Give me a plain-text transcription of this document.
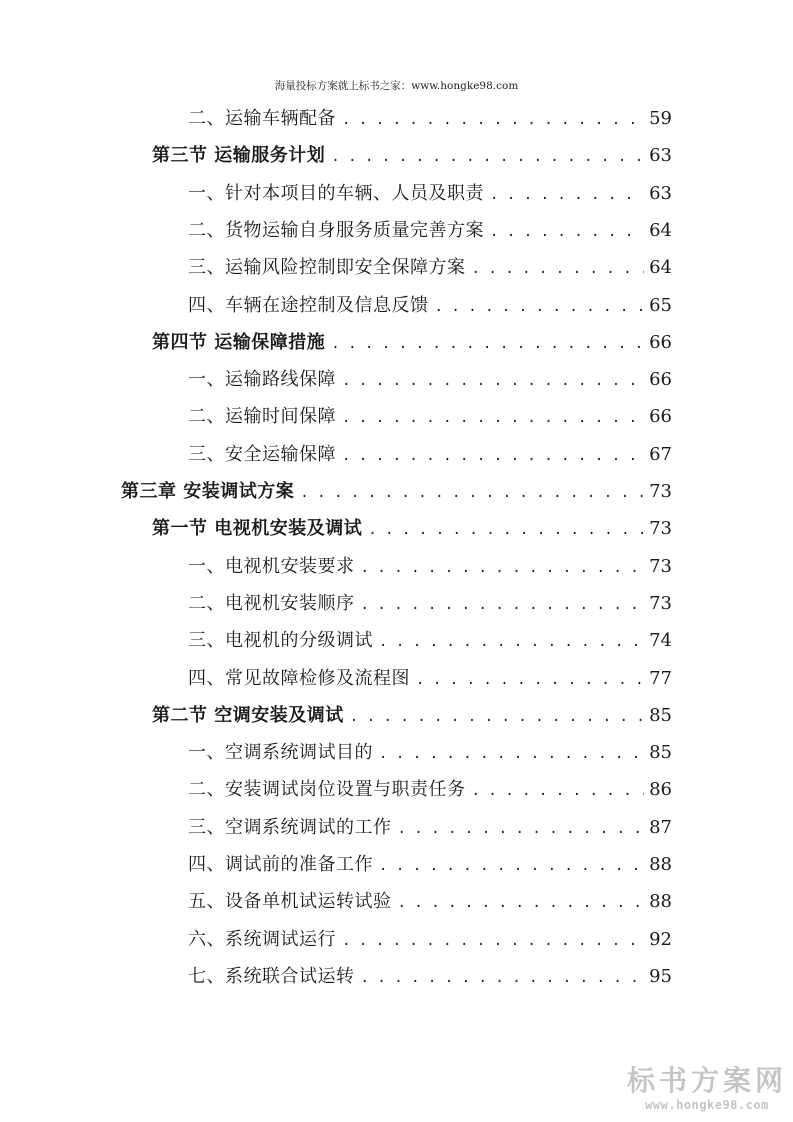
海量投标方案就上标书之家：www.hongke98.com
二、运输车辆配备 . . .	59
第三节 运输服务计划 . . .	63
一、针对本项目的车辆、人员及职责 . . .	63
二、货物运输自身服务质量完善方案 . . .	64
三、运输风险控制即安全保障方案 . . .	64
四、车辆在途控制及信息反馈 . . .	65
第四节 运输保障措施 . . .	66
一、运输路线保障 . . .	66
二、运输时间保障 . . .	66
三、安全运输保障 . . .	67
第三章 安装调试方案 . . .	73
第一节 电视机安装及调试 . . .	73
一、电视机安装要求 . . .	73
二、电视机安装顺序 . . .	73
三、电视机的分级调试 . . .	74
四、常见故障检修及流程图 . . .	77
第二节 空调安装及调试 . . .	85
一、空调系统调试目的 . . .	85
二、安装调试岗位设置与职责任务 . . .	86
三、空调系统调试的工作 . . .	87
四、调试前的准备工作 . . .	88
五、设备单机试运转试验 . . .	88
六、系统调试运行 . . .	92
七、系统联合试运转 . . .	95
标书方案网
www.hongke98.com
